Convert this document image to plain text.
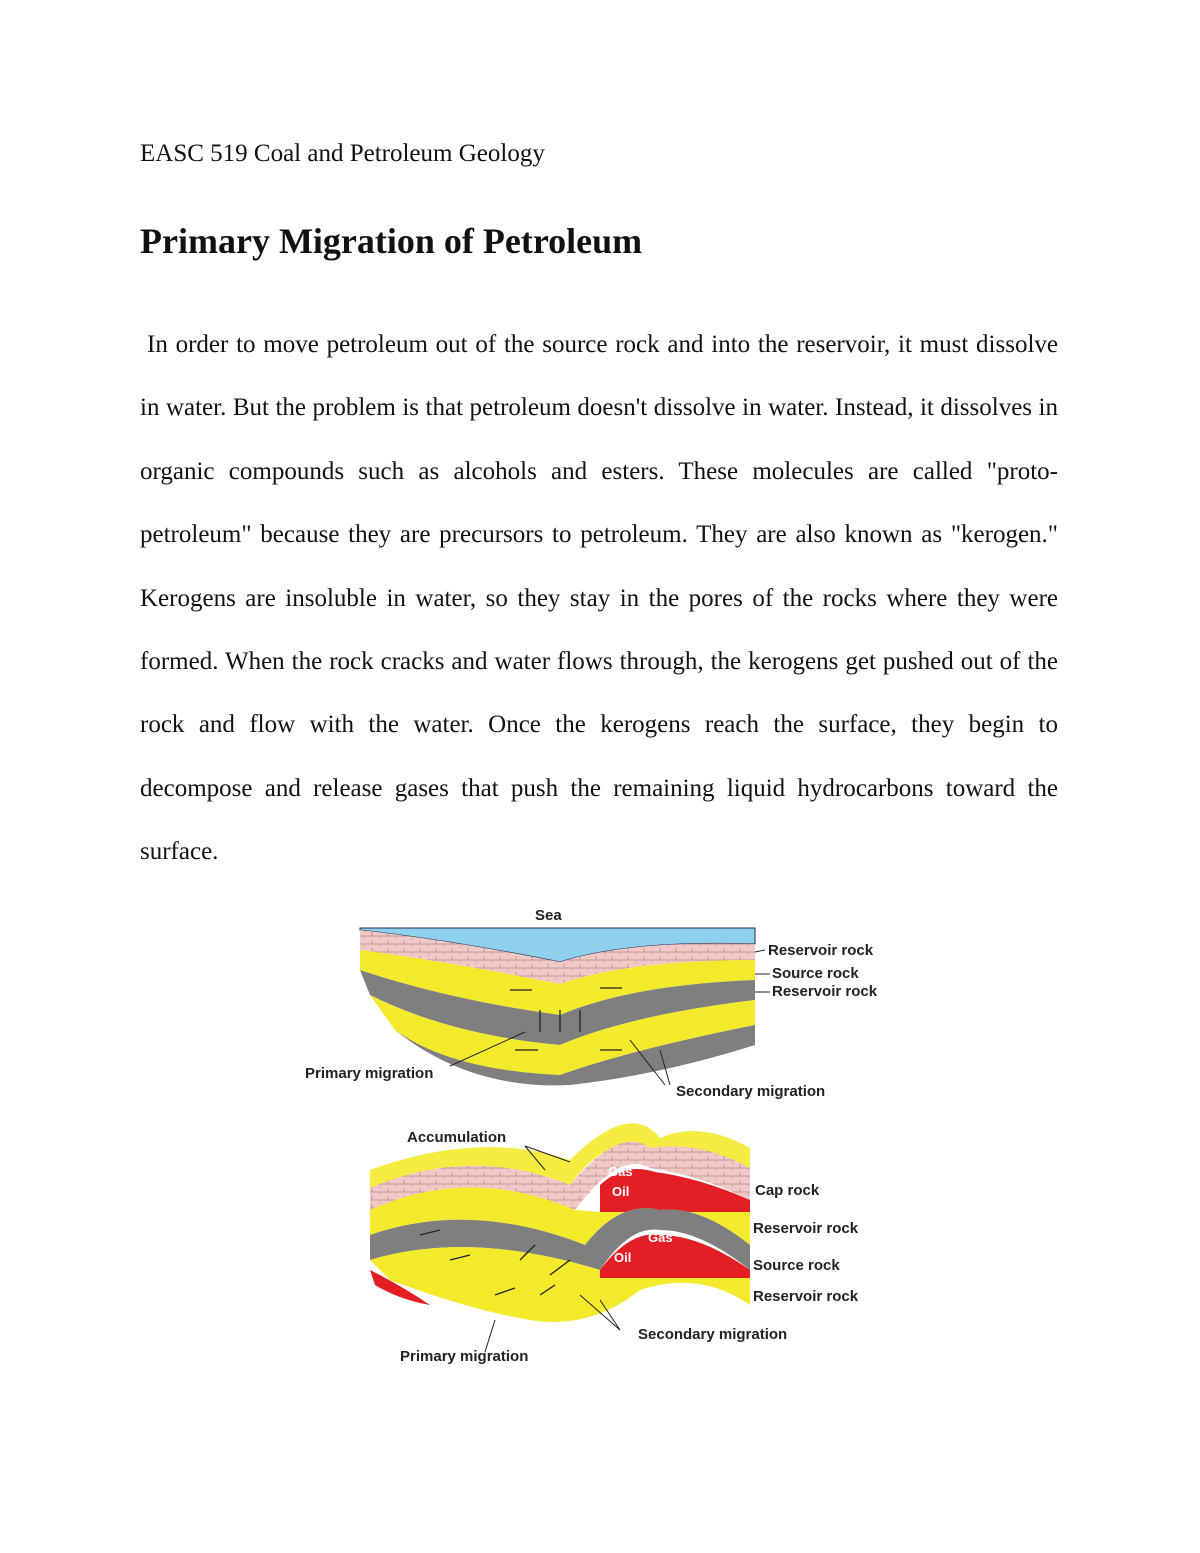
EASC 519 Coal and Petroleum Geology
Primary Migration of Petroleum

In order to move petroleum out of the source rock and into the reservoir, it must dissolve in water. But the problem is that petroleum doesn't dissolve in water. Instead, it dissolves in organic compounds such as alcohols and esters. These molecules are called "proto-petroleum" because they are precursors to petroleum. They are also known as "kerogen." Kerogens are insoluble in water, so they stay in the pores of the rocks where they were formed. When the rock cracks and water flows through, the kerogens get pushed out of the rock and flow with the water. Once the kerogens reach the surface, they begin to decompose and release gases that push the remaining liquid hydrocarbons toward the surface.

Sea
Reservoir rock
Source rock
Reservoir rock
Primary migration
Secondary migration
Gas
Oil
Gas
Oil
Accumulation
Cap rock
Reservoir rock
Source rock
Reservoir rock
Secondary migration
Primary migration
